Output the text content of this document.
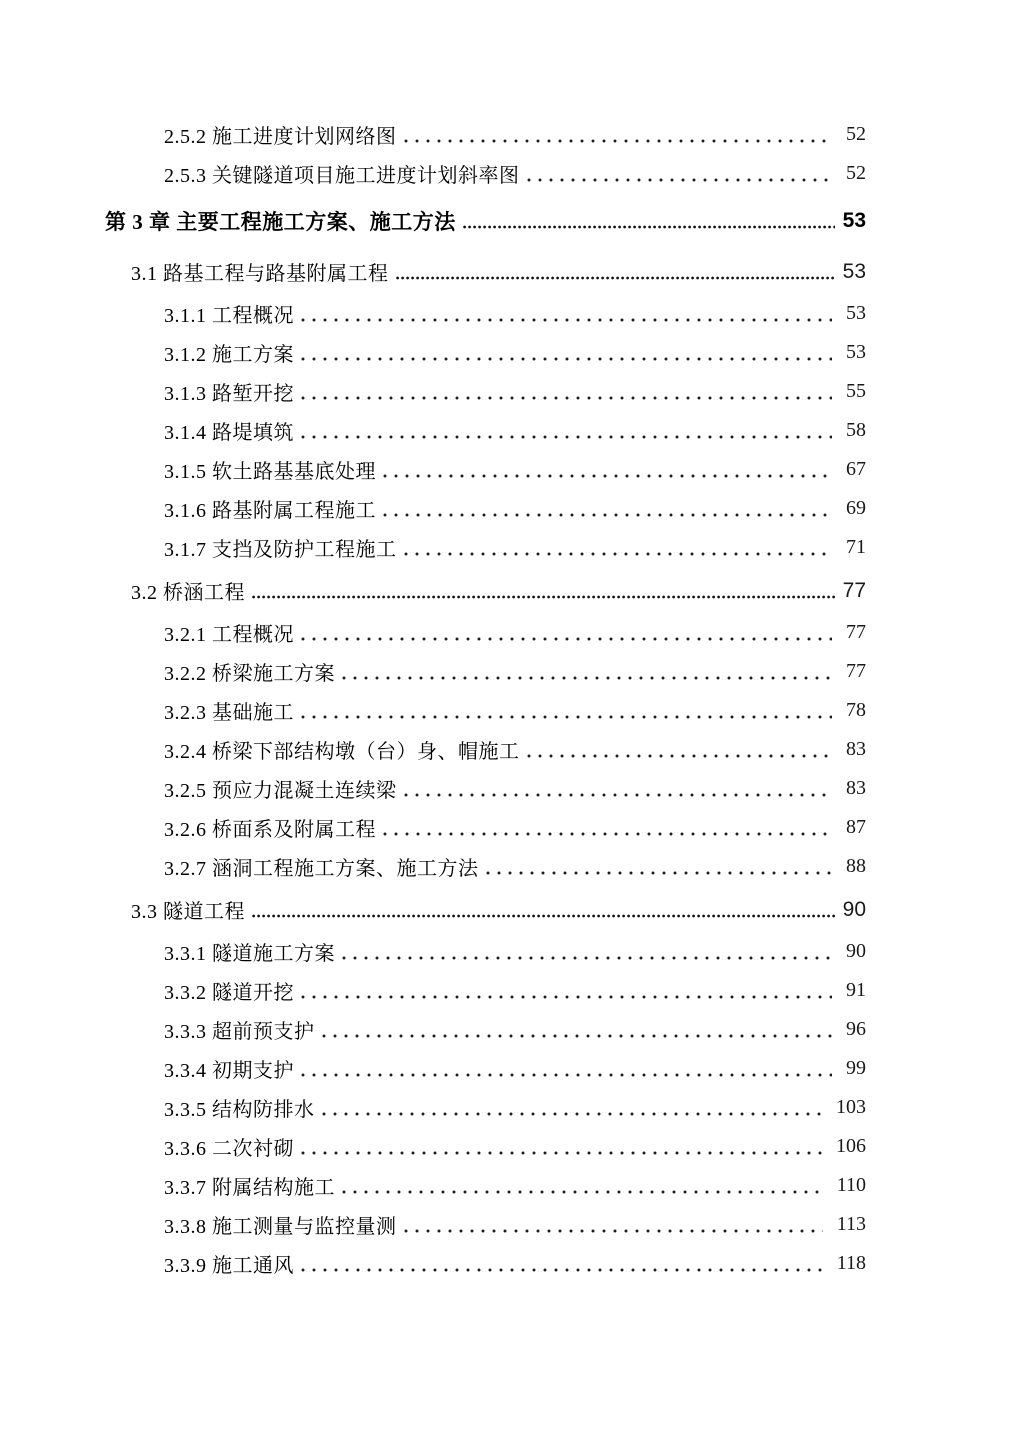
2.5.2 施工进度计划网络图	52
2.5.3 关键隧道项目施工进度计划斜率图	52
第 3 章 主要工程施工方案、施工方法	53
3.1 路基工程与路基附属工程	53
3.1.1 工程概况	53
3.1.2 施工方案	53
3.1.3 路堑开挖	55
3.1.4 路堤填筑	58
3.1.5 软土路基基底处理	67
3.1.6 路基附属工程施工	69
3.1.7 支挡及防护工程施工	71
3.2 桥涵工程	77
3.2.1 工程概况	77
3.2.2 桥梁施工方案	77
3.2.3 基础施工	78
3.2.4 桥梁下部结构墩（台）身、帽施工	83
3.2.5 预应力混凝土连续梁	83
3.2.6 桥面系及附属工程	87
3.2.7 涵洞工程施工方案、施工方法	88
3.3 隧道工程	90
3.3.1 隧道施工方案	90
3.3.2 隧道开挖	91
3.3.3 超前预支护	96
3.3.4 初期支护	99
3.3.5 结构防排水	103
3.3.6 二次衬砌	106
3.3.7 附属结构施工	110
3.3.8 施工测量与监控量测	113
3.3.9 施工通风	118
